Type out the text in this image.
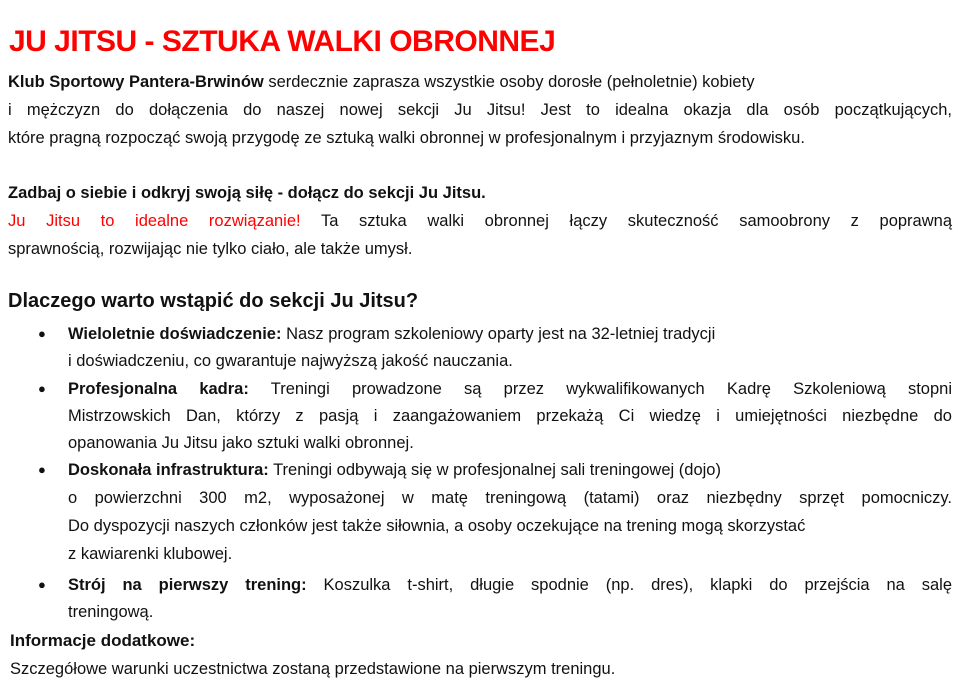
JU JITSU - SZTUKA WALKI OBRONNEJ
Klub Sportowy Pantera-Brwinów serdecznie zaprasza wszystkie osoby dorosłe (pełnoletnie) kobiety
i mężczyzn do dołączenia do naszej nowej sekcji Ju Jitsu! Jest to idealna okazja dla osób początkujących,
które pragną rozpocząć swoją przygodę ze sztuką walki obronnej w profesjonalnym i przyjaznym środowisku.
Zadbaj o siebie i odkryj swoją siłę - dołącz do sekcji Ju Jitsu.
Ju Jitsu to idealne rozwiązanie! Ta sztuka walki obronnej łączy skuteczność samoobrony z poprawną
sprawnością, rozwijając nie tylko ciało, ale także umysł.
Dlaczego warto wstąpić do sekcji Ju Jitsu?
● Wieloletnie doświadczenie: Nasz program szkoleniowy oparty jest na 32-letniej tradycji
i doświadczeniu, co gwarantuje najwyższą jakość nauczania.
● Profesjonalna kadra: Treningi prowadzone są przez wykwalifikowanych Kadrę Szkoleniową stopni
Mistrzowskich Dan, którzy z pasją i zaangażowaniem przekażą Ci wiedzę i umiejętności niezbędne do
opanowania Ju Jitsu jako sztuki walki obronnej.
● Doskonała infrastruktura: Treningi odbywają się w profesjonalnej sali treningowej (dojo)
o powierzchni 300 m2, wyposażonej w matę treningową (tatami) oraz niezbędny sprzęt pomocniczy.
Do dyspozycji naszych członków jest także siłownia, a osoby oczekujące na trening mogą skorzystać
z kawiarenki klubowej.
● Strój na pierwszy trening: Koszulka t-shirt, długie spodnie (np. dres), klapki do przejścia na salę
treningową.
Informacje dodatkowe:
Szczegółowe warunki uczestnictwa zostaną przedstawione na pierwszym treningu.
